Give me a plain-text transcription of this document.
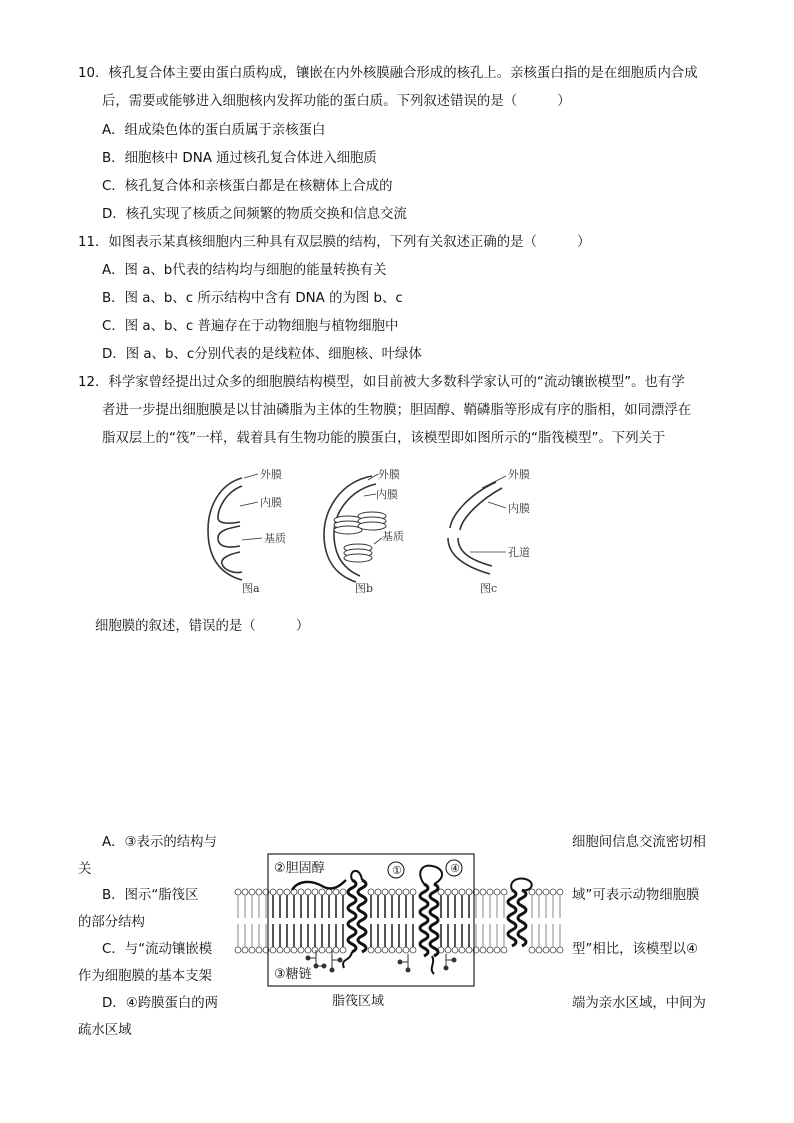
10．核孔复合体主要由蛋白质构成，镶嵌在内外核膜融合形成的核孔上。亲核蛋白指的是在细胞质内合成
后，需要或能够进入细胞核内发挥功能的蛋白质。下列叙述错误的是（　　　）
A．组成染色体的蛋白质属于亲核蛋白
B．细胞核中 DNA 通过核孔复合体进入细胞质
C．核孔复合体和亲核蛋白都是在核糖体上合成的
D．核孔实现了核质之间频繁的物质交换和信息交流
11．如图表示某真核细胞内三种具有双层膜的结构，下列有关叙述正确的是（　　　）
A．图 a、b代表的结构均与细胞的能量转换有关
B．图 a、b、c 所示结构中含有 DNA 的为图 b、c
C．图 a、b、c 普遍存在于动物细胞与植物细胞中
D．图 a、b、c分别代表的是线粒体、细胞核、叶绿体
12．科学家曾经提出过众多的细胞膜结构模型，如目前被大多数科学家认可的“流动镶嵌模型”。也有学
者进一步提出细胞膜是以甘油磷脂为主体的生物膜；胆固醇、鞘磷脂等形成有序的脂相，如同漂浮在
脂双层上的“筏”一样，载着具有生物功能的膜蛋白，该模型即如图所示的“脂筏模型”。下列关于
外膜
内膜
基质
图a
外膜
内膜
基质
图b
外膜
内膜
孔道
图c
细胞膜的叙述，错误的是（　　　）
A．③表示的结构与	细胞间信息交流密切相
关
B．图示“脂筏区	域”可表示动物细胞膜
的部分结构
C．与“流动镶嵌模	型”相比，该模型以④
作为细胞膜的基本支架
D．④跨膜蛋白的两	端为亲水区域，中间为
疏水区域
①	④
②胆固醇
③糖链
脂筏区域
